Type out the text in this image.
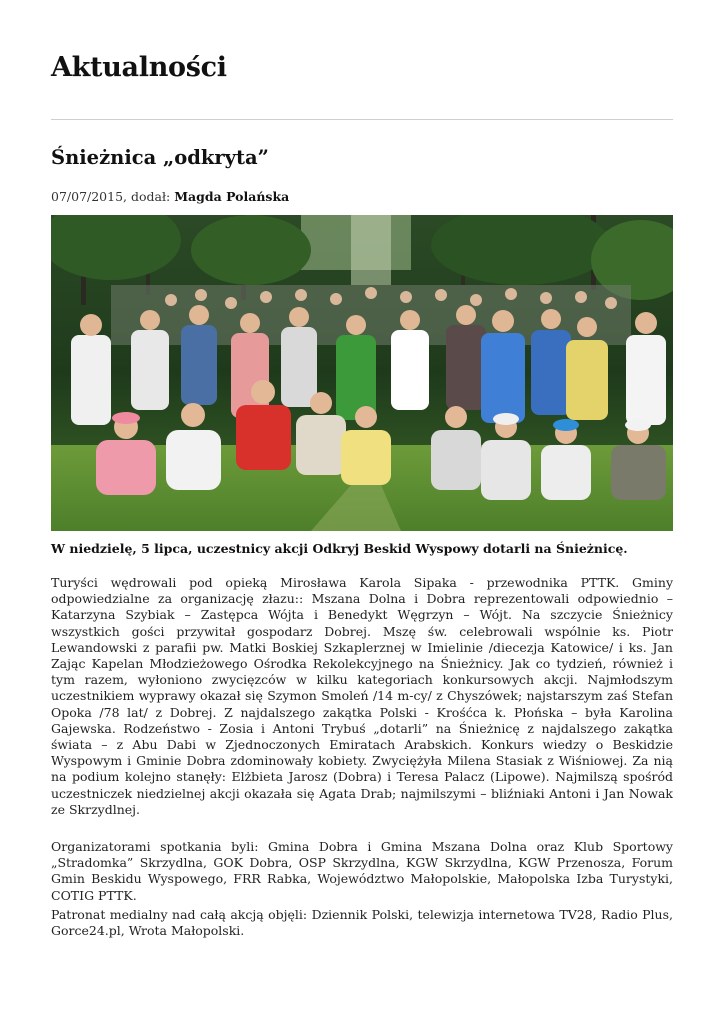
Aktualności
Śnieżnica „odkryta”
07/07/2015, dodał: Magda Polańska

W niedzielę, 5 lipca, uczestnicy akcji Odkryj Beskid Wyspowy dotarli na Śnieżnicę.

Turyści wędrowali pod opieką Mirosława Karola Sipaka - przewodnika PTTK. Gminy odpowiedzialne za organizację złazu:: Mszana Dolna i Dobra reprezentowali odpowiednio – Katarzyna Szybiak – Zastępca Wójta i Benedykt Węgrzyn – Wójt. Na szczycie Śnieżnicy wszystkich gości przywitał gospodarz Dobrej. Mszę św. celebrowali wspólnie ks. Piotr Lewandowski z parafii pw. Matki Boskiej Szkaplerznej w Imielinie /diecezja Katowice/ i ks. Jan Zając Kapelan Młodzieżowego Ośrodka Rekolekcyjnego na Śnieżnicy. Jak co tydzień, również i tym razem, wyłoniono zwycięzców w kilku kategoriach konkursowych akcji. Najmłodszym uczestnikiem wyprawy okazał się Szymon Smoleń /14 m-cy/ z Chyszówek; najstarszym zaś Stefan Opoka /78 lat/ z Dobrej. Z najdalszego zakątka Polski - Krośćca k. Płońska – była Karolina Gajewska. Rodzeństwo - Zosia i Antoni Trybuś „dotarli” na Śnieżnicę z najdalszego zakątka świata – z Abu Dabi w Zjednoczonych Emiratach Arabskich. Konkurs wiedzy o Beskidzie Wyspowym i Gminie Dobra zdominowały kobiety. Zwyciężyła Milena Stasiak z Wiśniowej. Za nią na podium kolejno stanęły: Elżbieta Jarosz (Dobra) i Teresa Palacz (Lipowe). Najmilszą spośród uczestniczek niedzielnej akcji okazała się Agata Drab; najmilszymi – bliźniaki Antoni i Jan Nowak ze Skrzydlnej.

Organizatorami spotkania byli: Gmina Dobra i Gmina Mszana Dolna oraz Klub Sportowy „Stradomka” Skrzydlna, GOK Dobra, OSP Skrzydlna, KGW Skrzydlna, KGW Przenosza, Forum Gmin Beskidu Wyspowego, FRR Rabka, Województwo Małopolskie, Małopolska Izba Turystyki, COTIG PTTK.

Patronat medialny nad całą akcją objęli: Dziennik Polski, telewizja internetowa TV28, Radio Plus, Gorce24.pl, Wrota Małopolski.
